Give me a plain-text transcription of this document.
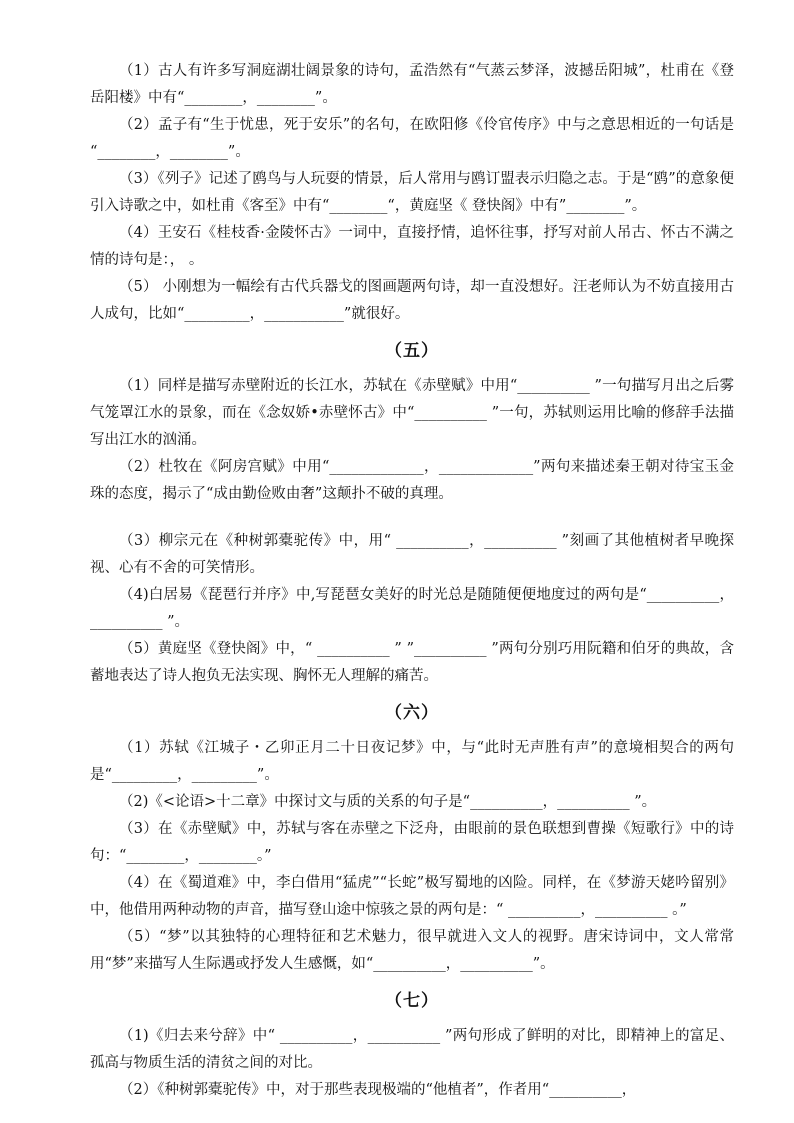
（1）古人有许多写洞庭湖壮阔景象的诗句，孟浩然有“气蒸云梦泽，波撼岳阳城”，杜甫在《登岳阳楼》中有“________，________”。

（2）孟子有“生于忧患，死于安乐”的名句，在欧阳修《伶官传序》中与之意思相近的一句话是 “________，________”。

（3）《列子》记述了鸥鸟与人玩耍的情景，后人常用与鸥订盟表示归隐之志。于是“鸥”的意象便引入诗歌之中，如杜甫《客至》中有“________“，黄庭坚《 登快阁》中有”________”。

（4）王安石《桂枝香·金陵怀古》一词中，直接抒情，追怀往事，抒写对前人吊古、怀古不满之情的诗句是：， 。

（5） 小刚想为一幅绘有古代兵器戈的图画题两句诗，却一直没想好。汪老师认为不妨直接用古人成句，比如“_________，___________”就很好。

（五）

（1）同样是描写赤壁附近的长江水，苏轼在《赤壁赋》中用“__________ ”一句描写月出之后雾气笼罩江水的景象，而在《念奴娇•赤壁怀古》中“__________ ”一句，苏轼则运用比喻的修辞手法描写出江水的汹涌。

（2）杜牧在《阿房宫赋》中用“_____________，_____________”两句来描述秦王朝对待宝玉金珠的态度，揭示了“成由勤俭败由奢”这颠扑不破的真理。

（3）柳宗元在《种树郭橐驼传》中，用“ __________，__________ ”刻画了其他植树者早晚探 视、心有不舍的可笑情形。

（4)白居易《琵琶行并序》中,写琵琶女美好的时光总是随随便便地度过的两句是“__________，__________ ”。

（5）黄庭坚《登快阁》中，“ __________ ” ”__________ ”两句分别巧用阮籍和伯牙的典故，含蓄地表达了诗人抱负无法实现、胸怀无人理解的痛苦。

（六）

（1）苏轼《江城子・乙卯正月二十日夜记梦》中，与“此时无声胜有声”的意境相契合的两句是“_________，_________”。

（2)《<论语>十二章》中探讨文与质的关系的句子是“__________，__________ ”。

（3）在《赤壁赋》中，苏轼与客在赤壁之下泛舟，由眼前的景色联想到曹操《短歌行》中的诗句：“________，________。”

（4）在《蜀道难》中，李白借用“猛虎”“长蛇”极写蜀地的凶险。同样，在《梦游天姥吟留别》中，他借用两种动物的声音，描写登山途中惊骇之景的两句是：“ __________，__________ 。”

（5）“梦”以其独特的心理特征和艺术魅力，很早就进入文人的视野。唐宋诗词中，文人常常用“梦”来描写人生际遇或抒发人生感慨，如“__________，__________”。

（七）

（1)《归去来兮辞》中“ __________，__________ ”两句形成了鲜明的对比，即精神上的富足、孤高与物质生活的清贫之间的对比。

（2）《种树郭橐驼传》中，对于那些表现极端的“他植者”，作者用“__________，
